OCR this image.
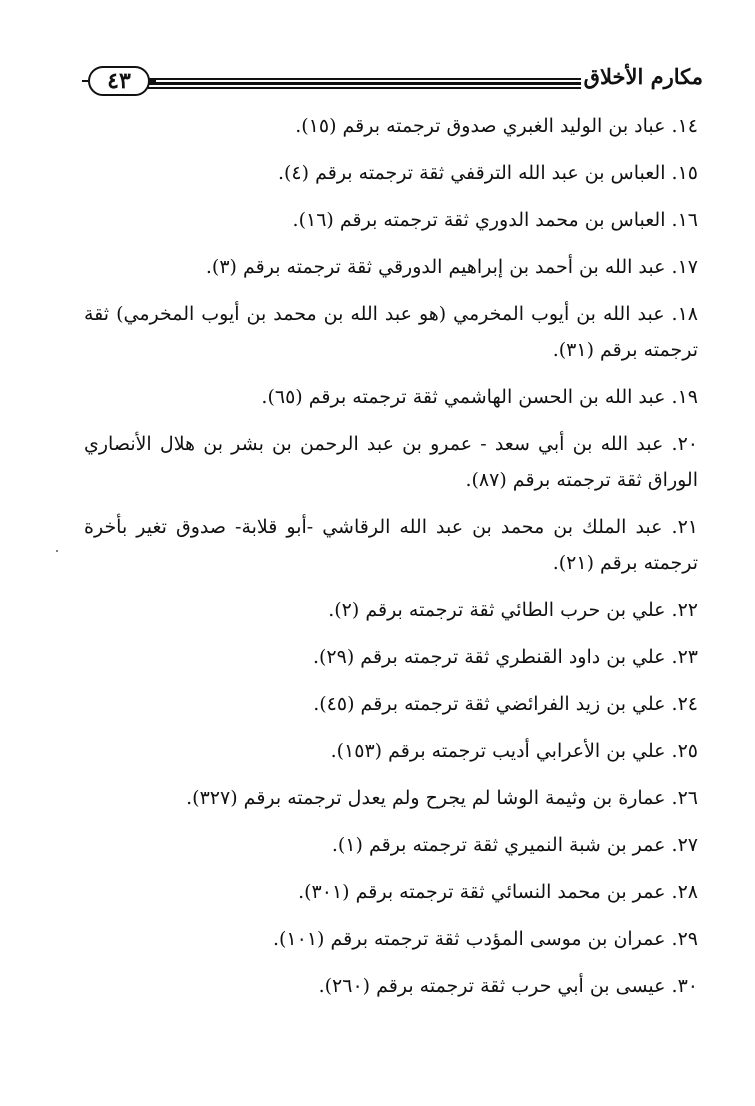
مكارم الأخلاق
٤٣
١٤. عباد بن الوليد الغبري صدوق ترجمته برقم (١٥).
١٥. العباس بن عبد الله الترقفي ثقة ترجمته برقم (٤).
١٦. العباس بن محمد الدوري ثقة ترجمته برقم (١٦).
١٧. عبد الله بن أحمد بن إبراهيم الدورقي ثقة ترجمته برقم (٣).
١٨. عبد الله بن أيوب المخرمي (هو عبد الله بن محمد بن أيوب المخرمي) ثقة ترجمته برقم (٣١).
١٩. عبد الله بن الحسن الهاشمي ثقة ترجمته برقم (٦٥).
٢٠. عبد الله بن أبي سعد - عمرو بن عبد الرحمن بن بشر بن هلال الأنصاري الوراق ثقة ترجمته برقم (٨٧).
٢١. عبد الملك بن محمد بن عبد الله الرقاشي -أبو قلابة- صدوق تغير بأخرة ترجمته برقم (٢١).
٢٢. علي بن حرب الطائي ثقة ترجمته برقم (٢).
٢٣. علي بن داود القنطري ثقة ترجمته برقم (٢٩).
٢٤. علي بن زيد الفرائضي ثقة ترجمته برقم (٤٥).
٢٥. علي بن الأعرابي أديب ترجمته برقم (١٥٣).
٢٦. عمارة بن وثيمة الوشا لم يجرح ولم يعدل ترجمته برقم (٣٢٧).
٢٧. عمر بن شبة النميري ثقة ترجمته برقم (١).
٢٨. عمر بن محمد النسائي ثقة ترجمته برقم (٣٠١).
٢٩. عمران بن موسى المؤدب ثقة ترجمته برقم (١٠١).
٣٠. عيسى بن أبي حرب ثقة ترجمته برقم (٢٦٠).
